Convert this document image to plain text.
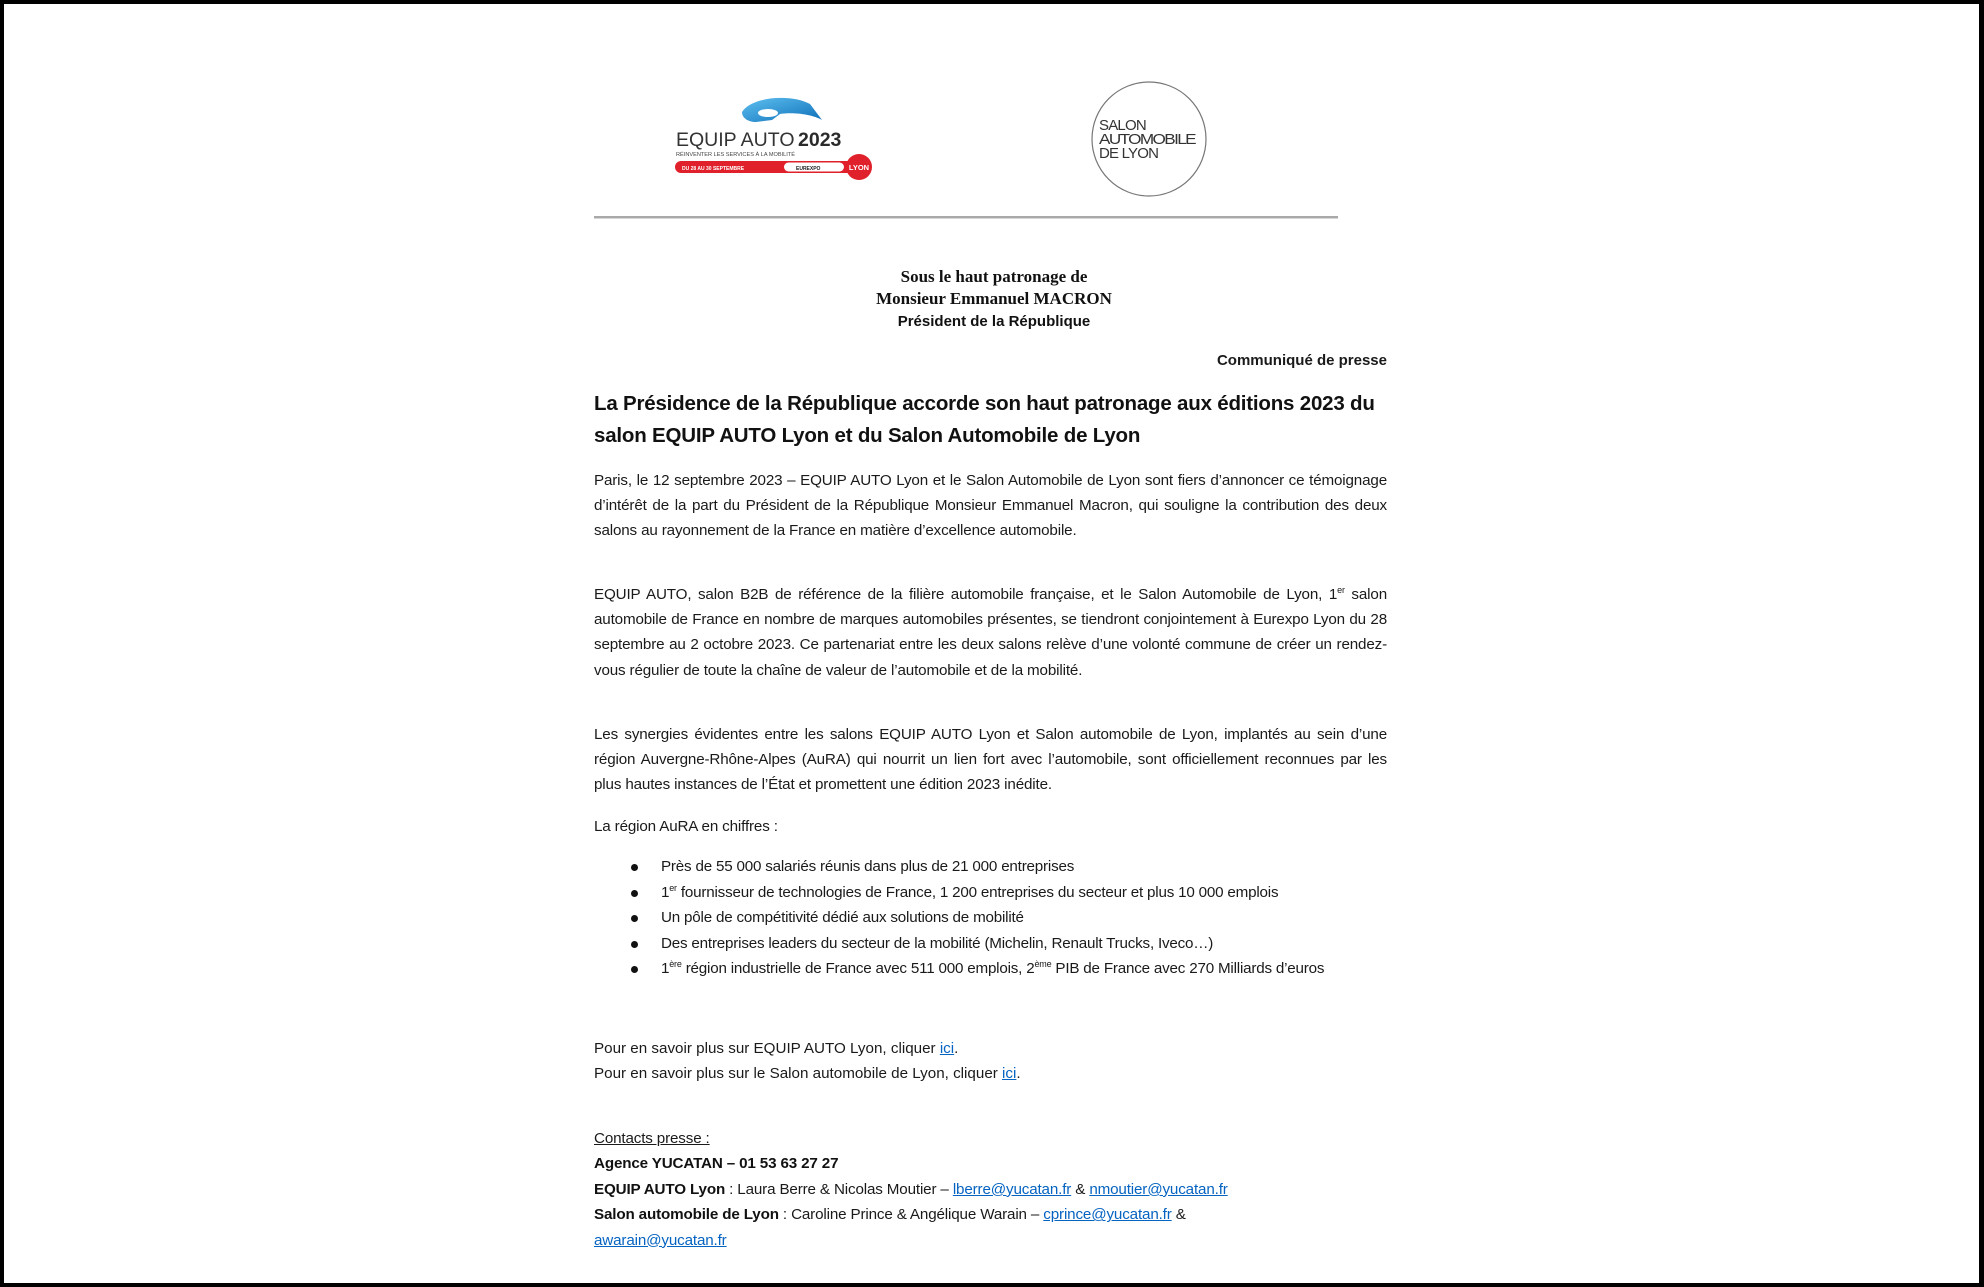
EQUIP AUTO 2023
RÉINVENTER LES SERVICES À LA MOBILITÉ
DU 28 AU 30 SEPTEMBRE	EUREXPO	LYON
SALON
AUTOMOBILE
DE LYON
Sous le haut patronage de
Monsieur Emmanuel MACRON
Président de la République
Communiqué de presse
La Présidence de la République accorde son haut patronage aux éditions 2023 du salon EQUIP AUTO Lyon et du Salon Automobile de Lyon

Paris, le 12 septembre 2023 – EQUIP AUTO Lyon et le Salon Automobile de Lyon sont fiers d’annoncer ce témoignage d’intérêt de la part du Président de la République Monsieur Emmanuel Macron, qui souligne la contribution des deux salons au rayonnement de la France en matière d’excellence automobile.

EQUIP AUTO, salon B2B de référence de la filière automobile française, et le Salon Automobile de Lyon, 1er salon automobile de France en nombre de marques automobiles présentes, se tiendront conjointement à Eurexpo Lyon du 28 septembre au 2 octobre 2023. Ce partenariat entre les deux salons relève d’une volonté commune de créer un rendez-vous régulier de toute la chaîne de valeur de l’automobile et de la mobilité.

Les synergies évidentes entre les salons EQUIP AUTO Lyon et Salon automobile de Lyon, implantés au sein d’une région Auvergne-Rhône-Alpes (AuRA) qui nourrit un lien fort avec l’automobile, sont officiellement reconnues par les plus hautes instances de l’État et promettent une édition 2023 inédite.

La région AuRA en chiffres :

Près de 55 000 salariés réunis dans plus de 21 000 entreprises
1er fournisseur de technologies de France, 1 200 entreprises du secteur et plus 10 000 emplois
Un pôle de compétitivité dédié aux solutions de mobilité
Des entreprises leaders du secteur de la mobilité (Michelin, Renault Trucks, Iveco…)
1ère région industrielle de France avec 511 000 emplois, 2ème PIB de France avec 270 Milliards d’euros
Pour en savoir plus sur EQUIP AUTO Lyon, cliquer ici.
Pour en savoir plus sur le Salon automobile de Lyon, cliquer ici.
Contacts presse :
Agence YUCATAN – 01 53 63 27 27
EQUIP AUTO Lyon : Laura Berre & Nicolas Moutier – lberre@yucatan.fr & nmoutier@yucatan.fr
Salon automobile de Lyon : Caroline Prince & Angélique Warain – cprince@yucatan.fr &
awarain@yucatan.fr
